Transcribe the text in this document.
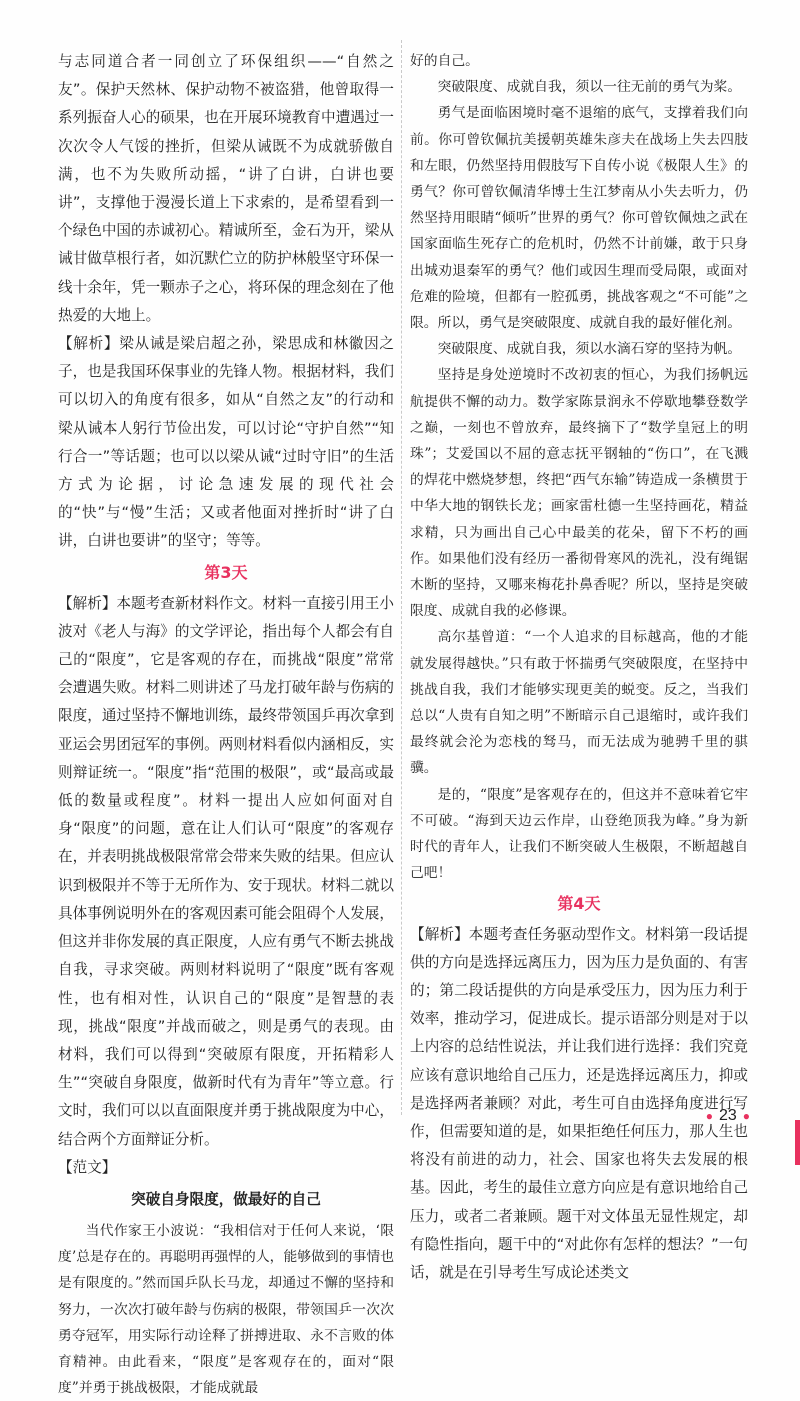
与志同道合者一同创立了环保组织——“自然之友”。保护天然林、保护动物不被盗猎，他曾取得一系列振奋人心的硕果，也在开展环境教育中遭遇过一次次令人气馁的挫折，但梁从诫既不为成就骄傲自满，也不为失败所动摇，“讲了白讲，白讲也要讲”，支撑他于漫漫长道上下求索的，是希望看到一个绿色中国的赤诚初心。精诚所至，金石为开，梁从诫甘做草根行者，如沉默伫立的防护林般坚守环保一线十余年，凭一颗赤子之心，将环保的理念刻在了他热爱的大地上。

【解析】梁从诫是梁启超之孙，梁思成和林徽因之子，也是我国环保事业的先锋人物。根据材料，我们可以切入的角度有很多，如从“自然之友”的行动和梁从诫本人躬行节俭出发，可以讨论“守护自然”“知行合一”等话题；也可以以梁从诫“过时守旧”的生活方式为论据，讨论急速发展的现代社会的“快”与“慢”生活；又或者他面对挫折时“讲了白讲，白讲也要讲”的坚守；等等。

第3天

【解析】本题考查新材料作文。材料一直接引用王小波对《老人与海》的文学评论，指出每个人都会有自己的“限度”，它是客观的存在，而挑战“限度”常常会遭遇失败。材料二则讲述了马龙打破年龄与伤病的限度，通过坚持不懈地训练，最终带领国乒再次拿到亚运会男团冠军的事例。两则材料看似内涵相反，实则辩证统一。“限度”指“范围的极限”，或“最高或最低的数量或程度”。材料一提出人应如何面对自身“限度”的问题，意在让人们认可“限度”的客观存在，并表明挑战极限常常会带来失败的结果。但应认识到极限并不等于无所作为、安于现状。材料二就以具体事例说明外在的客观因素可能会阻碍个人发展，但这并非你发展的真正限度，人应有勇气不断去挑战自我，寻求突破。两则材料说明了“限度”既有客观性，也有相对性，认识自己的“限度”是智慧的表现，挑战“限度”并战而破之，则是勇气的表现。由材料，我们可以得到“突破原有限度，开拓精彩人生”“突破自身限度，做新时代有为青年”等立意。行文时，我们可以以直面限度并勇于挑战限度为中心，结合两个方面辩证分析。

【范文】

突破自身限度，做最好的自己

当代作家王小波说：“我相信对于任何人来说，‘限度’总是存在的。再聪明再强悍的人，能够做到的事情也是有限度的。”然而国乒队长马龙，却通过不懈的坚持和努力，一次次打破年龄与伤病的极限，带领国乒一次次勇夺冠军，用实际行动诠释了拼搏进取、永不言败的体育精神。由此看来，“限度”是客观存在的，面对“限度”并勇于挑战极限，才能成就最

好的自己。

突破限度、成就自我，须以一往无前的勇气为桨。

勇气是面临困境时毫不退缩的底气，支撑着我们向前。你可曾钦佩抗美援朝英雄朱彦夫在战场上失去四肢和左眼，仍然坚持用假肢写下自传小说《极限人生》的勇气？你可曾钦佩清华博士生江梦南从小失去听力，仍然坚持用眼睛“倾听”世界的勇气？你可曾钦佩烛之武在国家面临生死存亡的危机时，仍然不计前嫌，敢于只身出城劝退秦军的勇气？他们或因生理而受局限，或面对危难的险境，但都有一腔孤勇，挑战客观之“不可能”之限。所以，勇气是突破限度、成就自我的最好催化剂。

突破限度、成就自我，须以水滴石穿的坚持为帆。

坚持是身处逆境时不改初衷的恒心，为我们扬帆远航提供不懈的动力。数学家陈景润永不停歇地攀登数学之巅，一刻也不曾放弃，最终摘下了“数学皇冠上的明珠”；艾爱国以不屈的意志抚平钢轴的“伤口”，在飞溅的焊花中燃烧梦想，终把“西气东输”铸造成一条横贯于中华大地的钢铁长龙；画家雷杜德一生坚持画花，精益求精，只为画出自己心中最美的花朵，留下不朽的画作。如果他们没有经历一番彻骨寒风的洗礼，没有绳锯木断的坚持，又哪来梅花扑鼻香呢？所以，坚持是突破限度、成就自我的必修课。

高尔基曾道：“一个人追求的目标越高，他的才能就发展得越快。”只有敢于怀揣勇气突破限度，在坚持中挑战自我，我们才能够实现更美的蜕变。反之，当我们总以“人贵有自知之明”不断暗示自己退缩时，或许我们最终就会沦为恋栈的驽马，而无法成为驰骋千里的骐骥。

是的，“限度”是客观存在的，但这并不意味着它牢不可破。“海到天边云作岸，山登绝顶我为峰。”身为新时代的青年人，让我们不断突破人生极限，不断超越自己吧！

第4天

【解析】本题考查任务驱动型作文。材料第一段话提供的方向是选择远离压力，因为压力是负面的、有害的；第二段话提供的方向是承受压力，因为压力利于效率，推动学习，促进成长。提示语部分则是对于以上内容的总结性说法，并让我们进行选择：我们究竟应该有意识地给自己压力，还是选择远离压力，抑或是选择两者兼顾？对此，考生可自由选择角度进行写作，但需要知道的是，如果拒绝任何压力，那人生也将没有前进的动力，社会、国家也将失去发展的根基。因此，考生的最佳立意方向应是有意识地给自己压力，或者二者兼顾。题干对文体虽无显性规定，却有隐性指向，题干中的“对此你有怎样的想法？”一句话，就是在引导考生写成论述类文

● 23 ●
